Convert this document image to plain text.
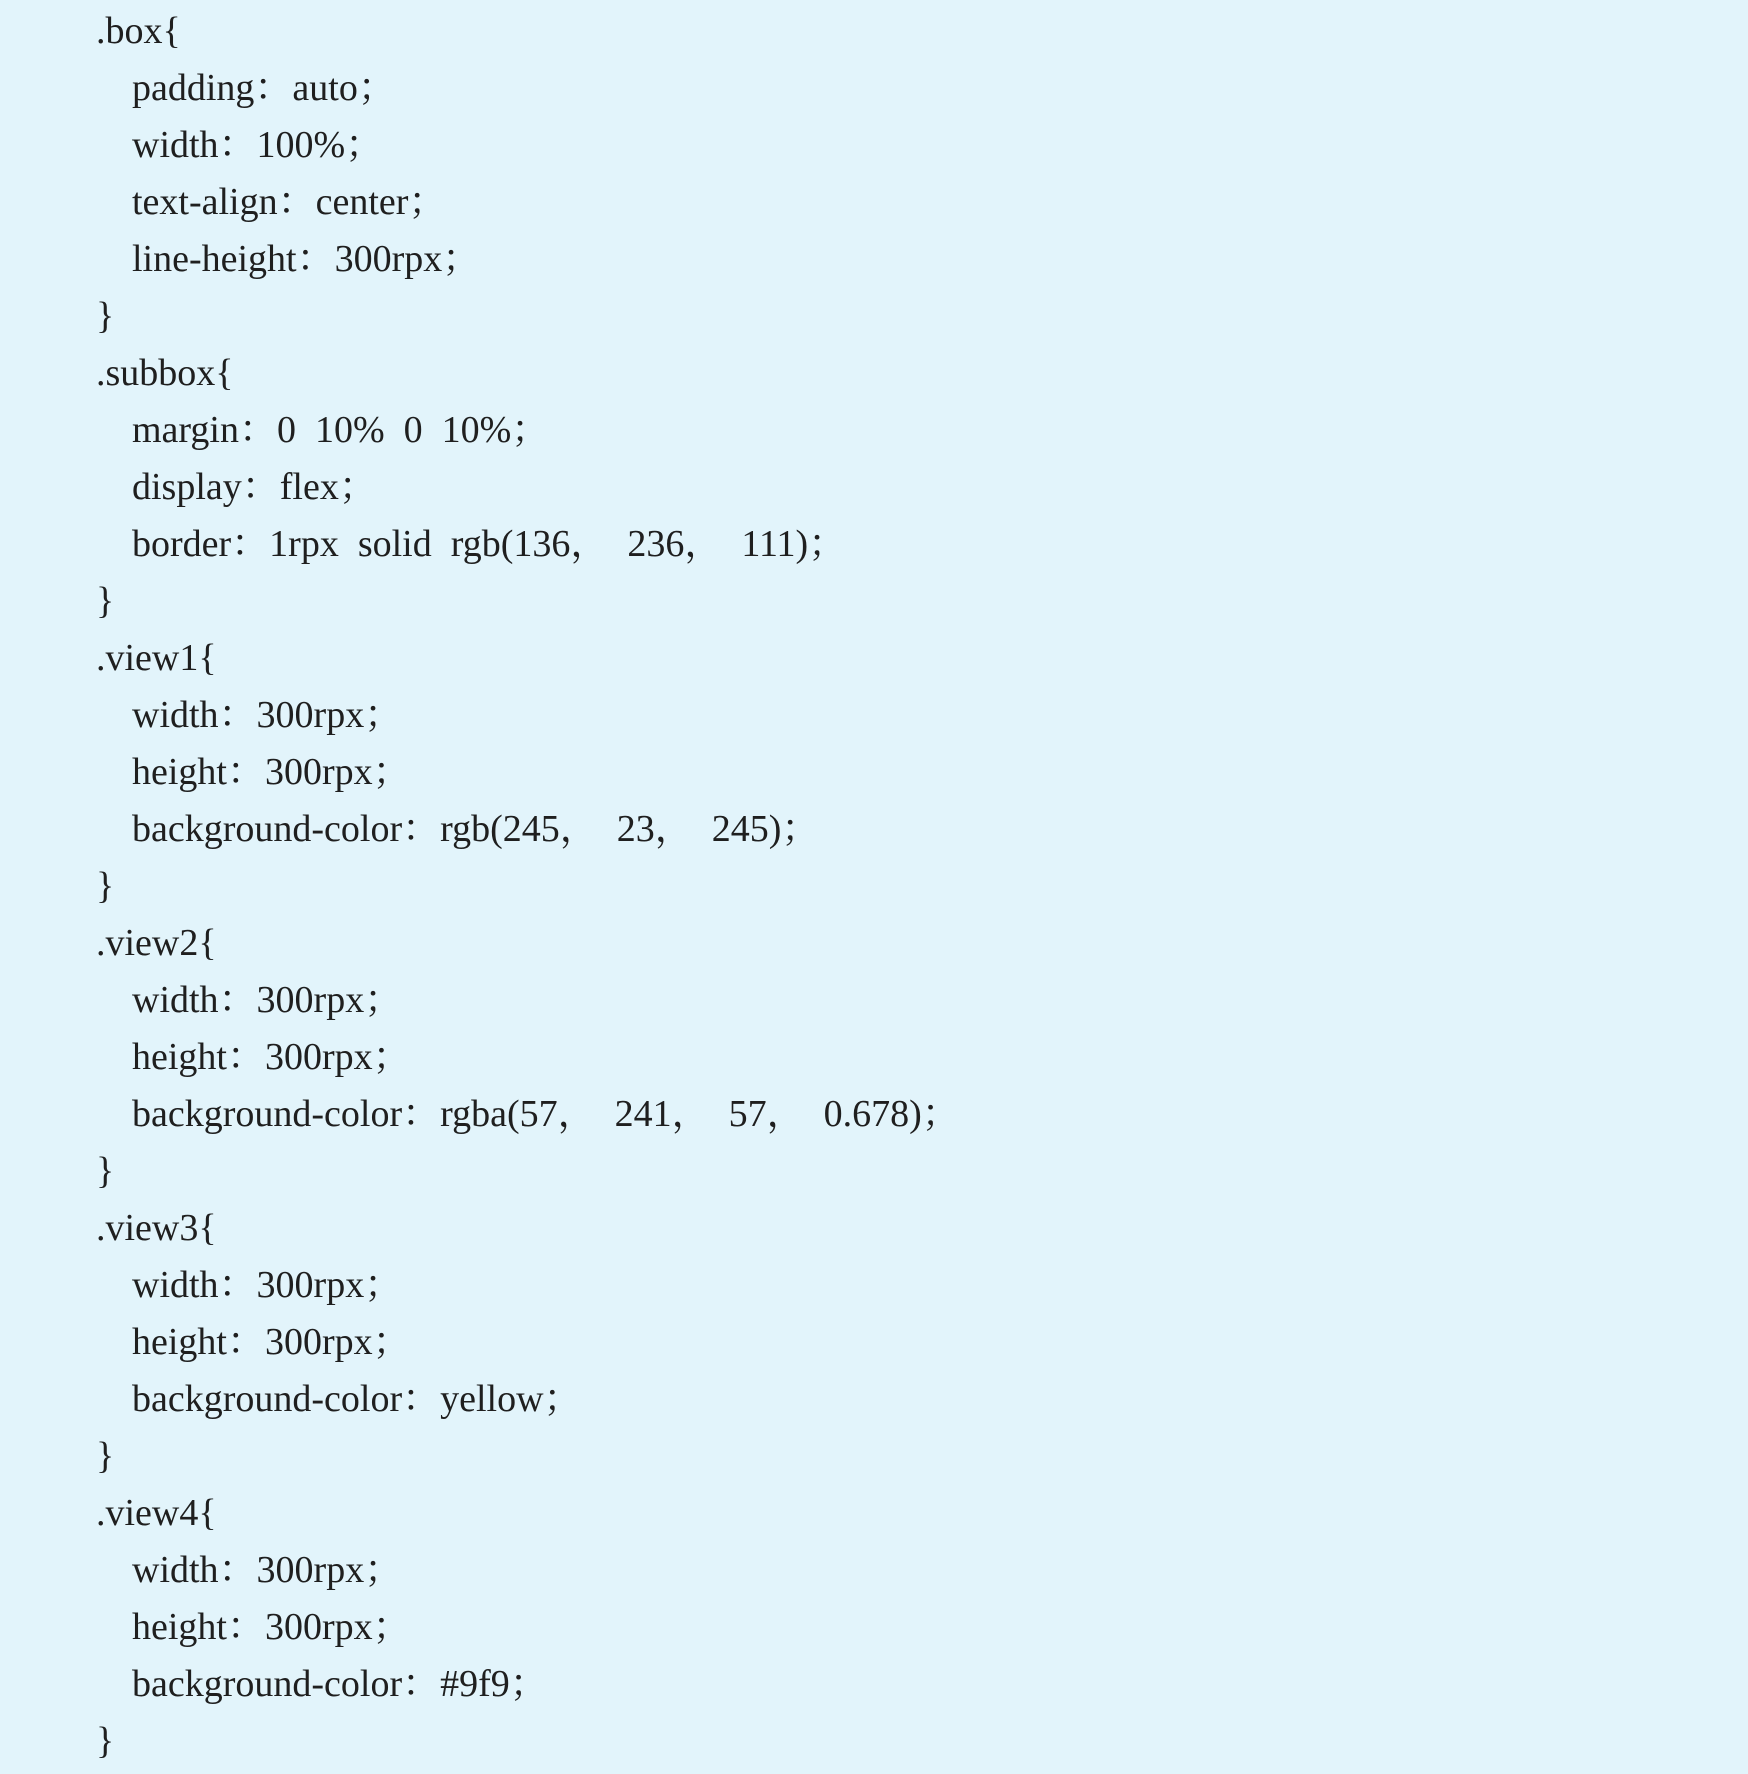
.box{

padding：auto；

width：100%；

text-align：center；

line-height：300rpx；

}

.subbox{

margin：0  10%  0  10%；

display：flex；

border：1rpx  solid  rgb(136，  236，  111)；

}

.view1{

width：300rpx；

height：300rpx；

background-color：rgb(245，  23，  245)；

}

.view2{

width：300rpx；

height：300rpx；

background-color：rgba(57，  241，  57，  0.678)；

}

.view3{

width：300rpx；

height：300rpx；

background-color：yellow；

}

.view4{

width：300rpx；

height：300rpx；

background-color：#9f9；

}
